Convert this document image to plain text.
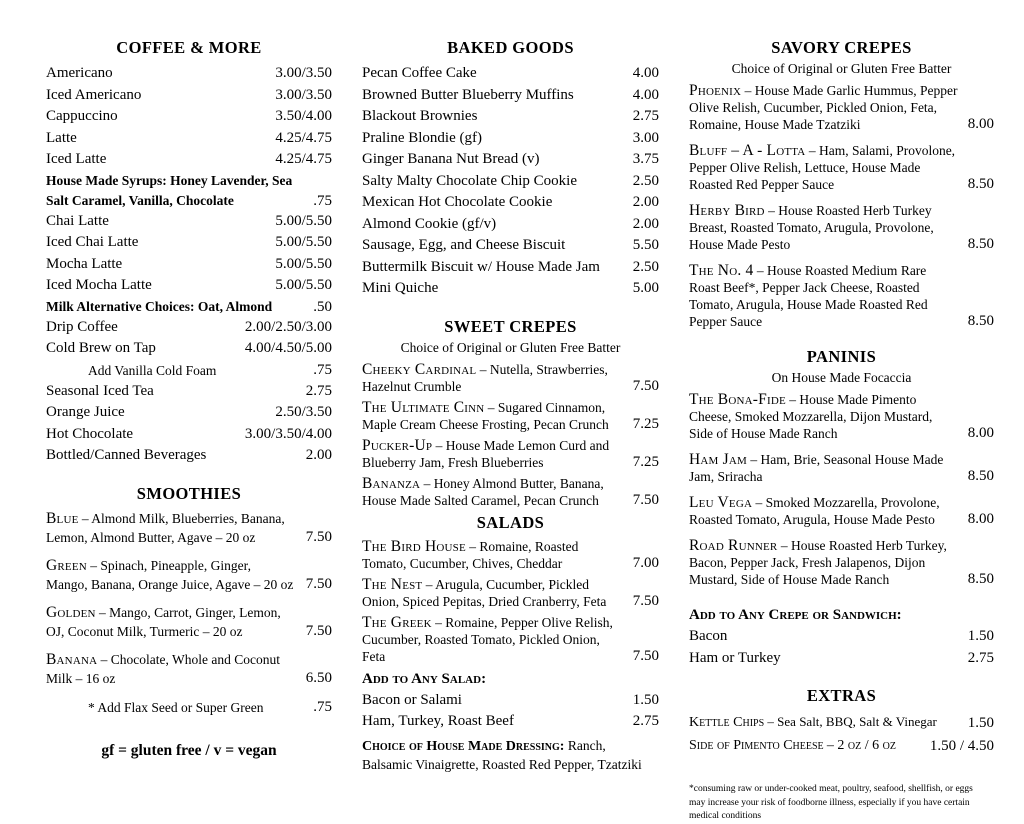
COFFEE & MORE
Americano	3.00/3.50
Iced Americano	3.00/3.50
Cappuccino	3.50/4.00
Latte	4.25/4.75
Iced Latte	4.25/4.75
House Made Syrups: Honey Lavender, Sea Salt Caramel, Vanilla, Chocolate	.75
Chai Latte	5.00/5.50
Iced Chai Latte	5.00/5.50
Mocha Latte	5.00/5.50
Iced Mocha Latte	5.00/5.50
Milk Alternative Choices: Oat, Almond	.50
Drip Coffee	2.00/2.50/3.00
Cold Brew on Tap	4.00/4.50/5.00
Add Vanilla Cold Foam	.75
Seasonal Iced Tea	2.75
Orange Juice	2.50/3.50
Hot Chocolate	3.00/3.50/4.00
Bottled/Canned Beverages	2.00
SMOOTHIES
Blue – Almond Milk, Blueberries, Banana, Lemon, Almond Butter, Agave – 20 oz	7.50
Green – Spinach, Pineapple, Ginger, Mango, Banana, Orange Juice, Agave – 20 oz 7.50
Golden – Mango, Carrot, Ginger, Lemon, OJ, Coconut Milk, Turmeric – 20 oz	7.50
Banana – Chocolate, Whole and Coconut Milk – 16 oz	6.50
* Add Flax Seed or Super Green	.75
gf = gluten free / v = vegan
BAKED GOODS
Pecan Coffee Cake	4.00
Browned Butter Blueberry Muffins	4.00
Blackout Brownies	2.75
Praline Blondie (gf)	3.00
Ginger Banana Nut Bread (v)	3.75
Salty Malty Chocolate Chip Cookie	2.50
Mexican Hot Chocolate Cookie	2.00
Almond Cookie (gf/v)	2.00
Sausage, Egg, and Cheese Biscuit	5.50
Buttermilk Biscuit w/ House Made Jam	2.50
Mini Quiche	5.00
SWEET CREPES
Choice of Original or Gluten Free Batter
Cheeky Cardinal – Nutella, Strawberries, Hazelnut Crumble	7.50
The Ultimate Cinn – Sugared Cinnamon, Maple Cream Cheese Frosting, Pecan Crunch 7.25
Pucker-Up – House Made Lemon Curd and Blueberry Jam, Fresh Blueberries	7.25
Bananza – Honey Almond Butter, Banana, House Made Salted Caramel, Pecan Crunch 7.50
SALADS
The Bird House – Romaine, Roasted Tomato, Cucumber, Chives, Cheddar	7.00
The Nest – Arugula, Cucumber, Pickled Onion, Spiced Pepitas, Dried Cranberry, Feta 7.50
The Greek – Romaine, Pepper Olive Relish, Cucumber, Roasted Tomato, Pickled Onion, Feta	7.50
Add to Any Salad:
Bacon or Salami	1.50
Ham, Turkey, Roast Beef	2.75
Choice of House Made Dressing: Ranch, Balsamic Vinaigrette, Roasted Red Pepper, Tzatziki
SAVORY CREPES
Choice of Original or Gluten Free Batter
Phoenix – House Made Garlic Hummus, Pepper Olive Relish, Cucumber, Pickled Onion, Feta, Romaine, House Made Tzatziki	8.00
Bluff – A - Lotta – Ham, Salami, Provolone, Pepper Olive Relish, Lettuce, House Made Roasted Red Pepper Sauce	8.50
Herby Bird – House Roasted Herb Turkey Breast, Roasted Tomato, Arugula, Provolone, House Made Pesto	8.50
The No. 4 – House Roasted Medium Rare Roast Beef*, Pepper Jack Cheese, Roasted Tomato, Arugula, House Made Roasted Red Pepper Sauce	8.50
PANINIS
On House Made Focaccia
The Bona-Fide – House Made Pimento Cheese, Smoked Mozzarella, Dijon Mustard, Side of House Made Ranch	8.00
Ham Jam – Ham, Brie, Seasonal House Made Jam, Sriracha	8.50
Leu Vega – Smoked Mozzarella, Provolone, Roasted Tomato, Arugula, House Made Pesto 8.00
Road Runner – House Roasted Herb Turkey, Bacon, Pepper Jack, Fresh Jalapenos, Dijon Mustard, Side of House Made Ranch	8.50
Add to Any Crepe or Sandwich:
Bacon	1.50
Ham or Turkey	2.75
EXTRAS
Kettle Chips – Sea Salt, BBQ, Salt & Vinegar	1.50
Side of Pimento Cheese – 2 oz / 6 oz	1.50 / 4.50
*consuming raw or under-cooked meat, poultry, seafood, shellfish, or eggs may increase your risk of foodborne illness, especially if you have certain medical conditions
